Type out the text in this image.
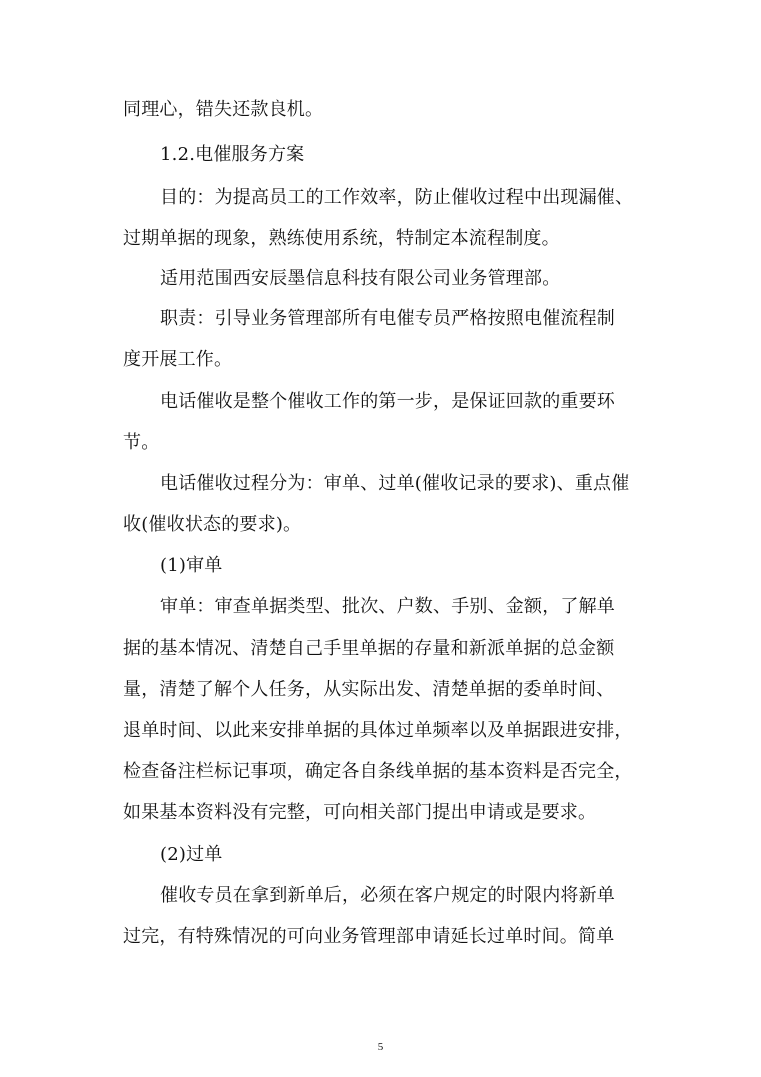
同理心，错失还款良机。
1.2.电催服务方案
目的：为提高员工的工作效率，防止催收过程中出现漏催、
过期单据的现象，熟练使用系统，特制定本流程制度。
适用范围西安辰墨信息科技有限公司业务管理部。
职责：引导业务管理部所有电催专员严格按照电催流程制
度开展工作。
电话催收是整个催收工作的第一步，是保证回款的重要环
节。
电话催收过程分为：审单、过单(催收记录的要求)、重点催
收(催收状态的要求)。
(1)审单
审单：审查单据类型、批次、户数、手别、金额，了解单
据的基本情况、清楚自己手里单据的存量和新派单据的总金额
量，清楚了解个人任务，从实际出发、清楚单据的委单时间、
退单时间、以此来安排单据的具体过单频率以及单据跟进安排，
检查备注栏标记事项，确定各自条线单据的基本资料是否完全，
如果基本资料没有完整，可向相关部门提出申请或是要求。
(2)过单
催收专员在拿到新单后，必须在客户规定的时限内将新单
过完，有特殊情况的可向业务管理部申请延长过单时间。简单
5
